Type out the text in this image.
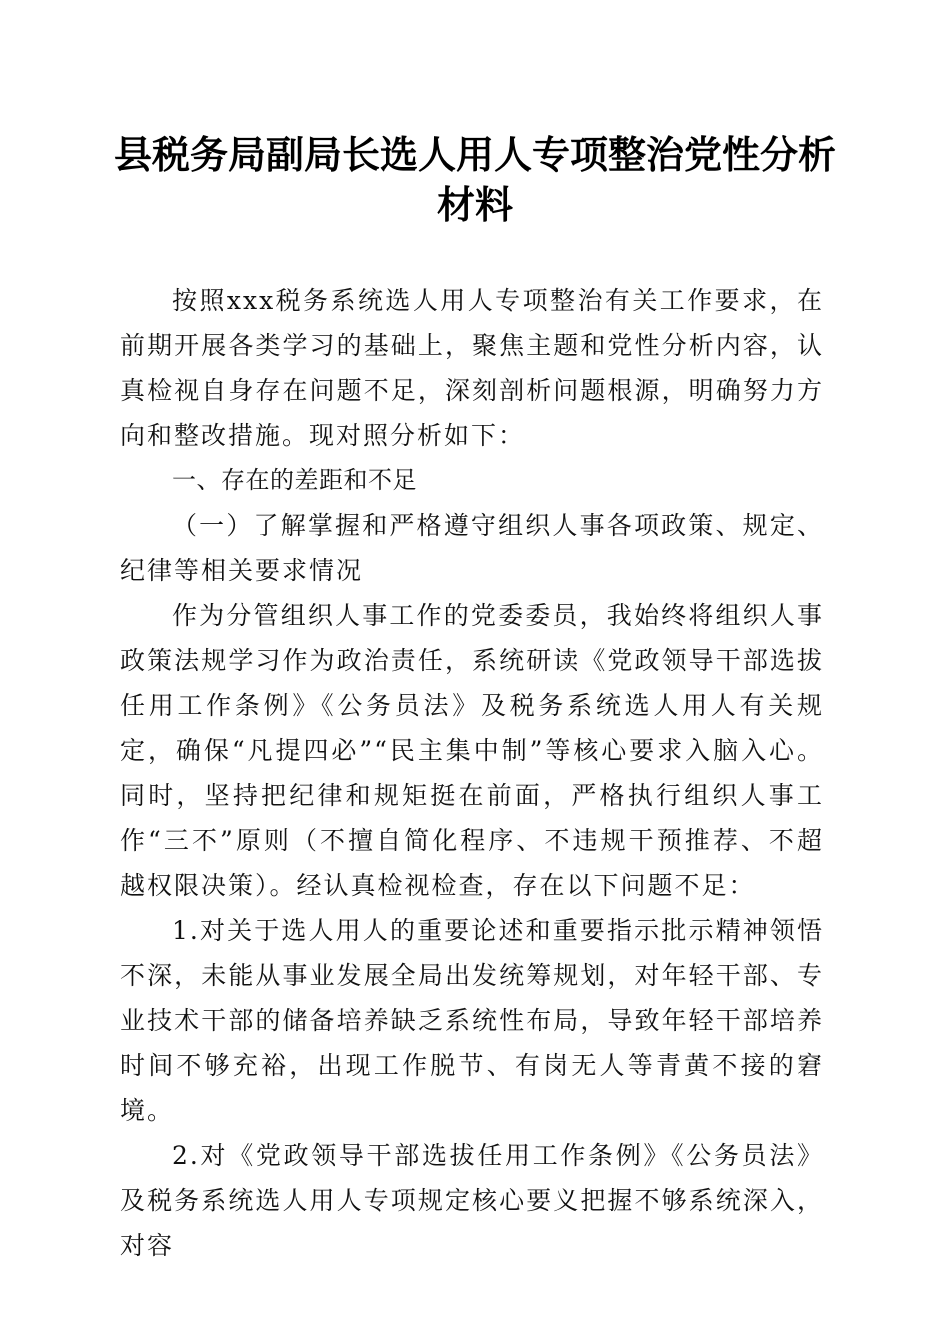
县税务局副局长选人用人专项整治党性分析材料

按照xxx税务系统选人用人专项整治有关工作要求，在前期开展各类学习的基础上，聚焦主题和党性分析内容，认真检视自身存在问题不足，深刻剖析问题根源，明确努力方向和整改措施。现对照分析如下：

一、存在的差距和不足

（一）了解掌握和严格遵守组织人事各项政策、规定、纪律等相关要求情况

作为分管组织人事工作的党委委员，我始终将组织人事政策法规学习作为政治责任，系统研读《党政领导干部选拔任用工作条例》《公务员法》及税务系统选人用人有关规定，确保“凡提四必”“民主集中制”等核心要求入脑入心。同时，坚持把纪律和规矩挺在前面，严格执行组织人事工作“三不”原则（不擅自简化程序、不违规干预推荐、不超越权限决策）。经认真检视检查，存在以下问题不足：

1.对关于选人用人的重要论述和重要指示批示精神领悟不深，未能从事业发展全局出发统筹规划，对年轻干部、专业技术干部的储备培养缺乏系统性布局，导致年轻干部培养时间不够充裕，出现工作脱节、有岗无人等青黄不接的窘境。

2.对《党政领导干部选拔任用工作条例》《公务员法》及税务系统选人用人专项规定核心要义把握不够系统深入，对容
